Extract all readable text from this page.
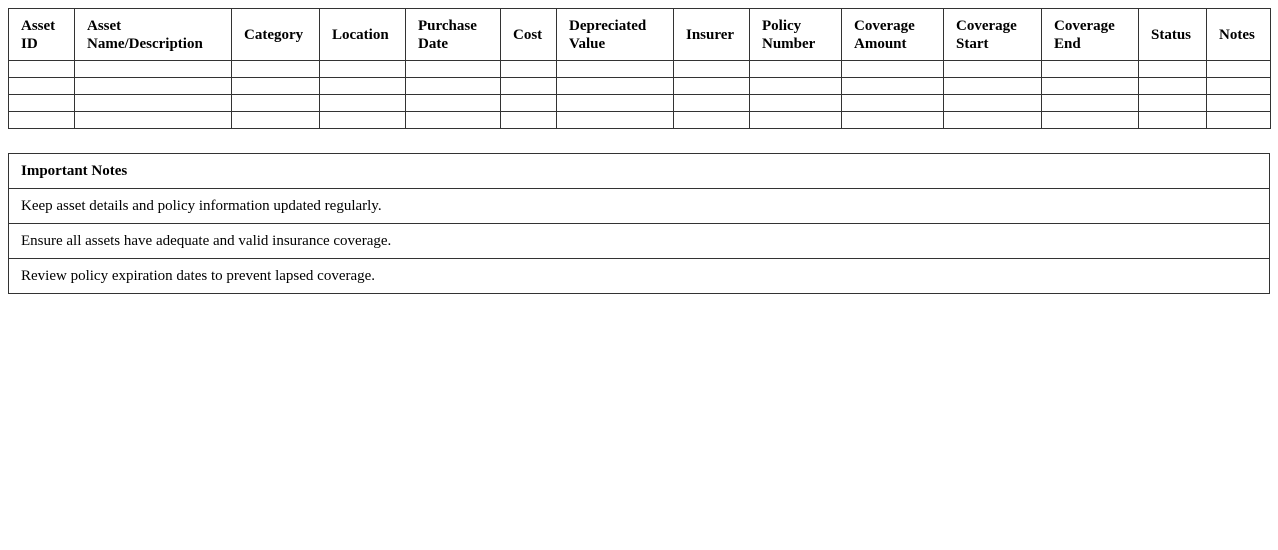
Asset ID	Asset Name/Description	Category	Location	Purchase Date	Cost	Depreciated Value	Insurer	Policy Number	Coverage Amount	Coverage Start	Coverage End	Status	Notes

Important Notes
Keep asset details and policy information updated regularly.
Ensure all assets have adequate and valid insurance coverage.
Review policy expiration dates to prevent lapsed coverage.
